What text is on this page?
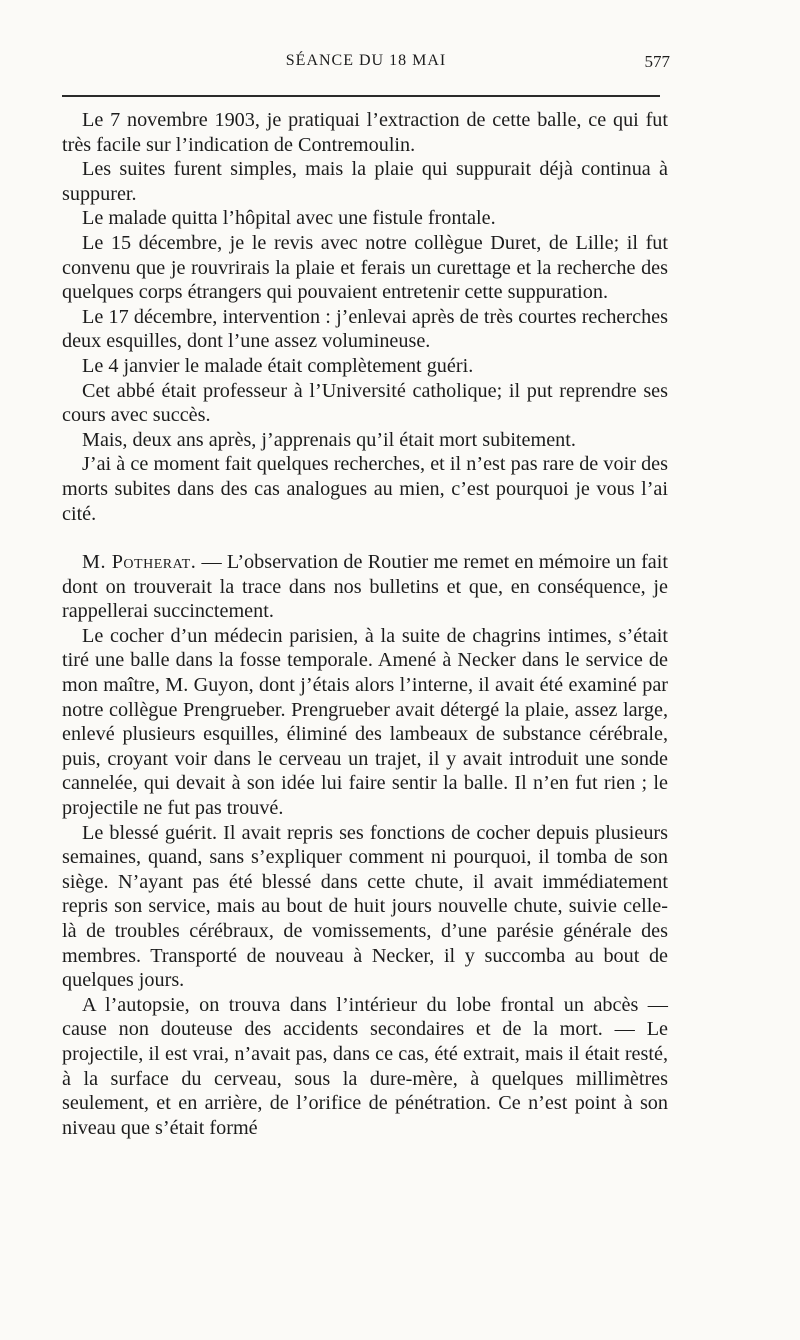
SÉANCE DU 18 MAI	577

Le 7 novembre 1903, je pratiquai l’extraction de cette balle, ce qui fut très facile sur l’indication de Contremoulin.

Les suites furent simples, mais la plaie qui suppurait déjà continua à suppurer.

Le malade quitta l’hôpital avec une fistule frontale.

Le 15 décembre, je le revis avec notre collègue Duret, de Lille; il fut convenu que je rouvrirais la plaie et ferais un curettage et la recherche des quelques corps étrangers qui pouvaient entretenir cette suppuration.

Le 17 décembre, intervention : j’enlevai après de très courtes recherches deux esquilles, dont l’une assez volumineuse.

Le 4 janvier le malade était complètement guéri.

Cet abbé était professeur à l’Université catholique; il put reprendre ses cours avec succès.

Mais, deux ans après, j’apprenais qu’il était mort subitement.

J’ai à ce moment fait quelques recherches, et il n’est pas rare de voir des morts subites dans des cas analogues au mien, c’est pourquoi je vous l’ai cité.

M. Potherat. — L’observation de Routier me remet en mémoire un fait dont on trouverait la trace dans nos bulletins et que, en conséquence, je rappellerai succinctement.

Le cocher d’un médecin parisien, à la suite de chagrins intimes, s’était tiré une balle dans la fosse temporale. Amené à Necker dans le service de mon maître, M. Guyon, dont j’étais alors l’interne, il avait été examiné par notre collègue Prengrueber. Prengrueber avait détergé la plaie, assez large, enlevé plusieurs esquilles, éliminé des lambeaux de substance cérébrale, puis, croyant voir dans le cerveau un trajet, il y avait introduit une sonde cannelée, qui devait à son idée lui faire sentir la balle. Il n’en fut rien ; le projectile ne fut pas trouvé.

Le blessé guérit. Il avait repris ses fonctions de cocher depuis plusieurs semaines, quand, sans s’expliquer comment ni pourquoi, il tomba de son siège. N’ayant pas été blessé dans cette chute, il avait immédiatement repris son service, mais au bout de huit jours nouvelle chute, suivie celle-là de troubles cérébraux, de vomissements, d’une parésie générale des membres. Transporté de nouveau à Necker, il y succomba au bout de quelques jours.

A l’autopsie, on trouva dans l’intérieur du lobe frontal un abcès — cause non douteuse des accidents secondaires et de la mort. — Le projectile, il est vrai, n’avait pas, dans ce cas, été extrait, mais il était resté, à la surface du cerveau, sous la dure-mère, à quelques millimètres seulement, et en arrière, de l’orifice de pénétration. Ce n’est point à son niveau que s’était formé
